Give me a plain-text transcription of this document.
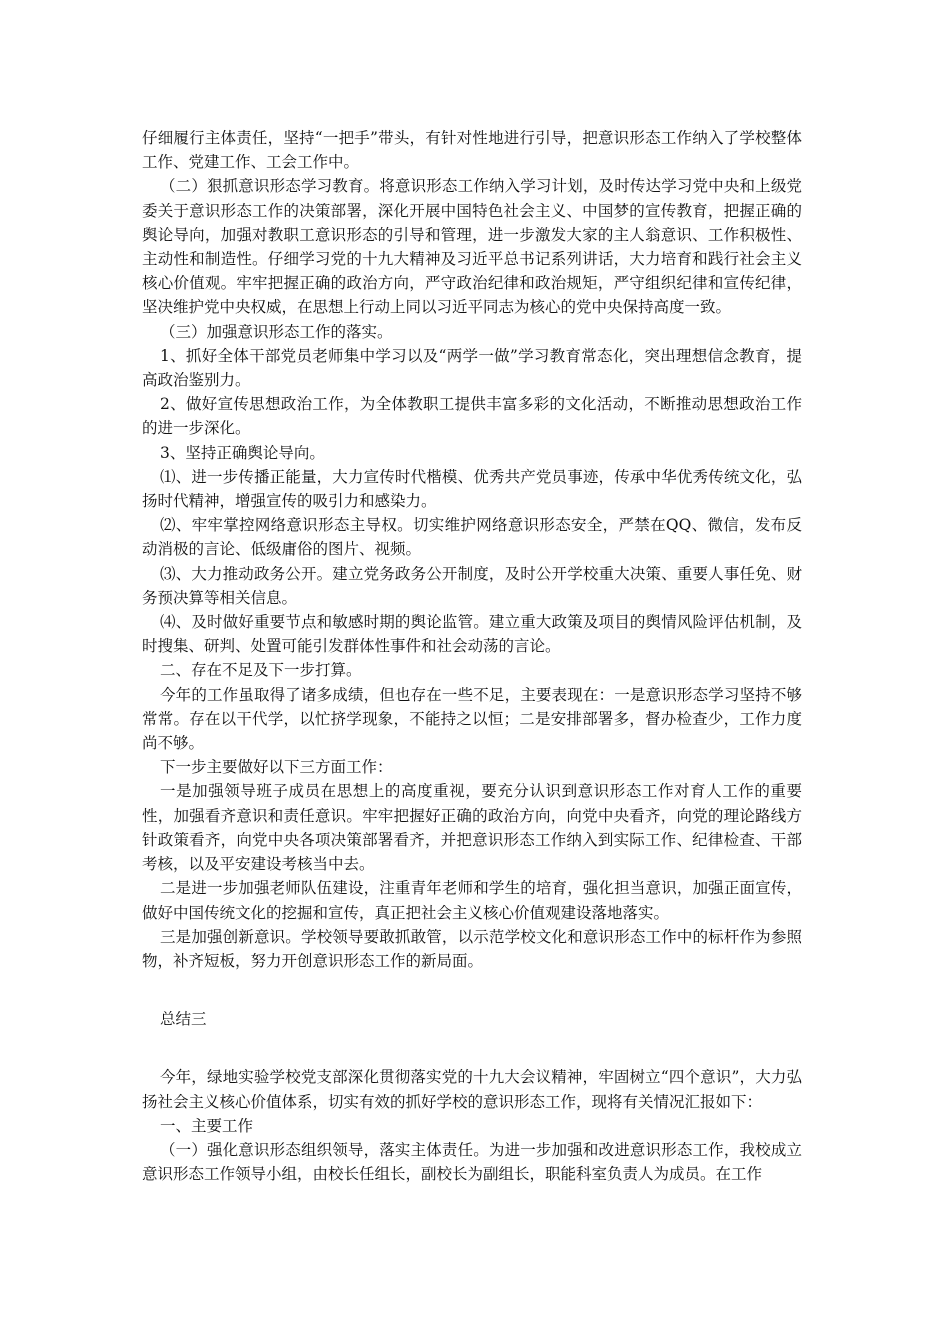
仔细履行主体责任，坚持“一把手”带头，有针对性地进行引导，把意识形态工作纳入了学校整体工作、党建工作、工会工作中。

（二）狠抓意识形态学习教育。将意识形态工作纳入学习计划，及时传达学习党中央和上级党委关于意识形态工作的决策部署，深化开展中国特色社会主义、中国梦的宣传教育，把握正确的舆论导向，加强对教职工意识形态的引导和管理，进一步激发大家的主人翁意识、工作积极性、主动性和制造性。仔细学习党的十九大精神及习近平总书记系列讲话，大力培育和践行社会主义核心价值观。牢牢把握正确的政治方向，严守政治纪律和政治规矩，严守组织纪律和宣传纪律，坚决维护党中央权威，在思想上行动上同以习近平同志为核心的党中央保持高度一致。

（三）加强意识形态工作的落实。

1、抓好全体干部党员老师集中学习以及“两学一做”学习教育常态化，突出理想信念教育，提高政治鉴别力。

2、做好宣传思想政治工作，为全体教职工提供丰富多彩的文化活动，不断推动思想政治工作的进一步深化。

3、坚持正确舆论导向。

⑴、进一步传播正能量，大力宣传时代楷模、优秀共产党员事迹，传承中华优秀传统文化，弘扬时代精神，增强宣传的吸引力和感染力。

⑵、牢牢掌控网络意识形态主导权。切实维护网络意识形态安全，严禁在QQ、微信，发布反动消极的言论、低级庸俗的图片、视频。

⑶、大力推动政务公开。建立党务政务公开制度，及时公开学校重大决策、重要人事任免、财务预决算等相关信息。

⑷、及时做好重要节点和敏感时期的舆论监管。建立重大政策及项目的舆情风险评估机制，及时搜集、研判、处置可能引发群体性事件和社会动荡的言论。

二、存在不足及下一步打算。

今年的工作虽取得了诸多成绩，但也存在一些不足，主要表现在：一是意识形态学习坚持不够常常。存在以干代学，以忙挤学现象，不能持之以恒；二是安排部署多，督办检查少，工作力度尚不够。

下一步主要做好以下三方面工作：

一是加强领导班子成员在思想上的高度重视，要充分认识到意识形态工作对育人工作的重要性，加强看齐意识和责任意识。牢牢把握好正确的政治方向，向党中央看齐，向党的理论路线方针政策看齐，向党中央各项决策部署看齐，并把意识形态工作纳入到实际工作、纪律检查、干部考核，以及平安建设考核当中去。

二是进一步加强老师队伍建设，注重青年老师和学生的培育，强化担当意识，加强正面宣传，做好中国传统文化的挖掘和宣传，真正把社会主义核心价值观建设落地落实。

三是加强创新意识。学校领导要敢抓敢管，以示范学校文化和意识形态工作中的标杆作为参照物，补齐短板，努力开创意识形态工作的新局面。

总结三

今年，绿地实验学校党支部深化贯彻落实党的十九大会议精神，牢固树立“四个意识”，大力弘扬社会主义核心价值体系，切实有效的抓好学校的意识形态工作，现将有关情况汇报如下：

一、主要工作

（一）强化意识形态组织领导，落实主体责任。为进一步加强和改进意识形态工作，我校成立意识形态工作领导小组，由校长任组长，副校长为副组长，职能科室负责人为成员。在工作
